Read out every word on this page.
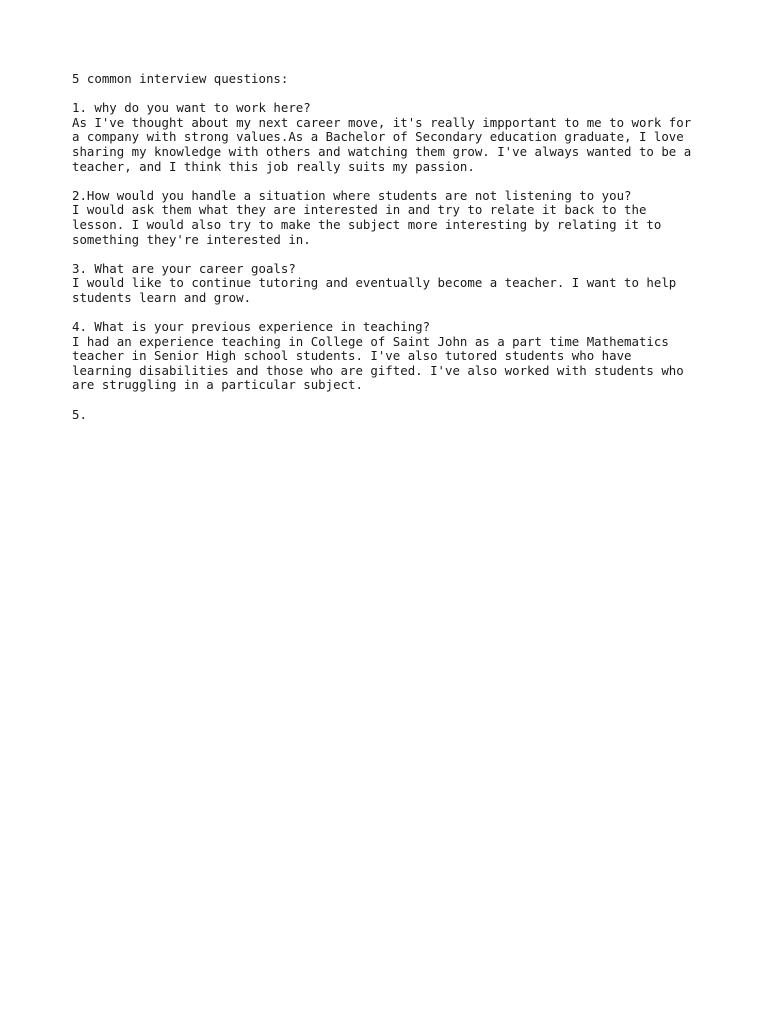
5 common interview questions:
1. why do you want to work here?
As I've thought about my next career move, it's really impportant to me to work for
a company with strong values.As a Bachelor of Secondary education graduate, I love
sharing my knowledge with others and watching them grow. I've always wanted to be a
teacher, and I think this job really suits my passion.
2.How would you handle a situation where students are not listening to you?
I would ask them what they are interested in and try to relate it back to the
lesson. I would also try to make the subject more interesting by relating it to
something they're interested in.
3. What are your career goals?
I would like to continue tutoring and eventually become a teacher. I want to help
students learn and grow.
4. What is your previous experience in teaching?
I had an experience teaching in College of Saint John as a part time Mathematics
teacher in Senior High school students. I've also tutored students who have
learning disabilities and those who are gifted. I've also worked with students who
are struggling in a particular subject.
5.
